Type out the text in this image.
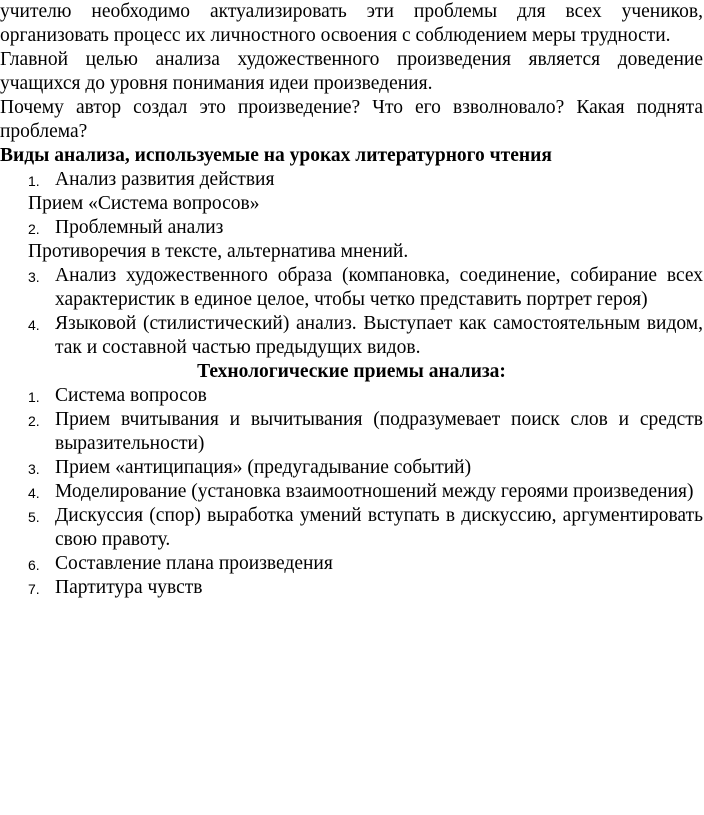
учителю необходимо актуализировать эти проблемы для всех учеников, организовать процесс их личностного освоения с соблюдением меры трудности.

Главной целью анализа художественного произведения является доведение учащихся до уровня понимания идеи произведения.

Почему автор создал это произведение? Что его взволновало? Какая поднята проблема?

Виды анализа, используемые на уроках литературного чтения

1. Анализ развития действия

Прием «Система вопросов»

2. Проблемный анализ

Противоречия в тексте, альтернатива мнений.

3. Анализ художественного образа (компановка, соединение, собирание всех характеристик в единое целое, чтобы четко представить портрет героя)
4. Языковой (стилистический) анализ. Выступает как самостоятельным видом, так и составной частью предыдущих видов.

Технологические приемы анализа:

1. Система вопросов
2. Прием вчитывания и вычитывания (подразумевает поиск слов и средств выразительности)
3. Прием «антиципация» (предугадывание событий)
4. Моделирование (установка взаимоотношений между героями произведения)
5. Дискуссия (спор) выработка умений вступать в дискуссию, аргументировать свою правоту.
6. Составление плана произведения
7. Партитура чувств
